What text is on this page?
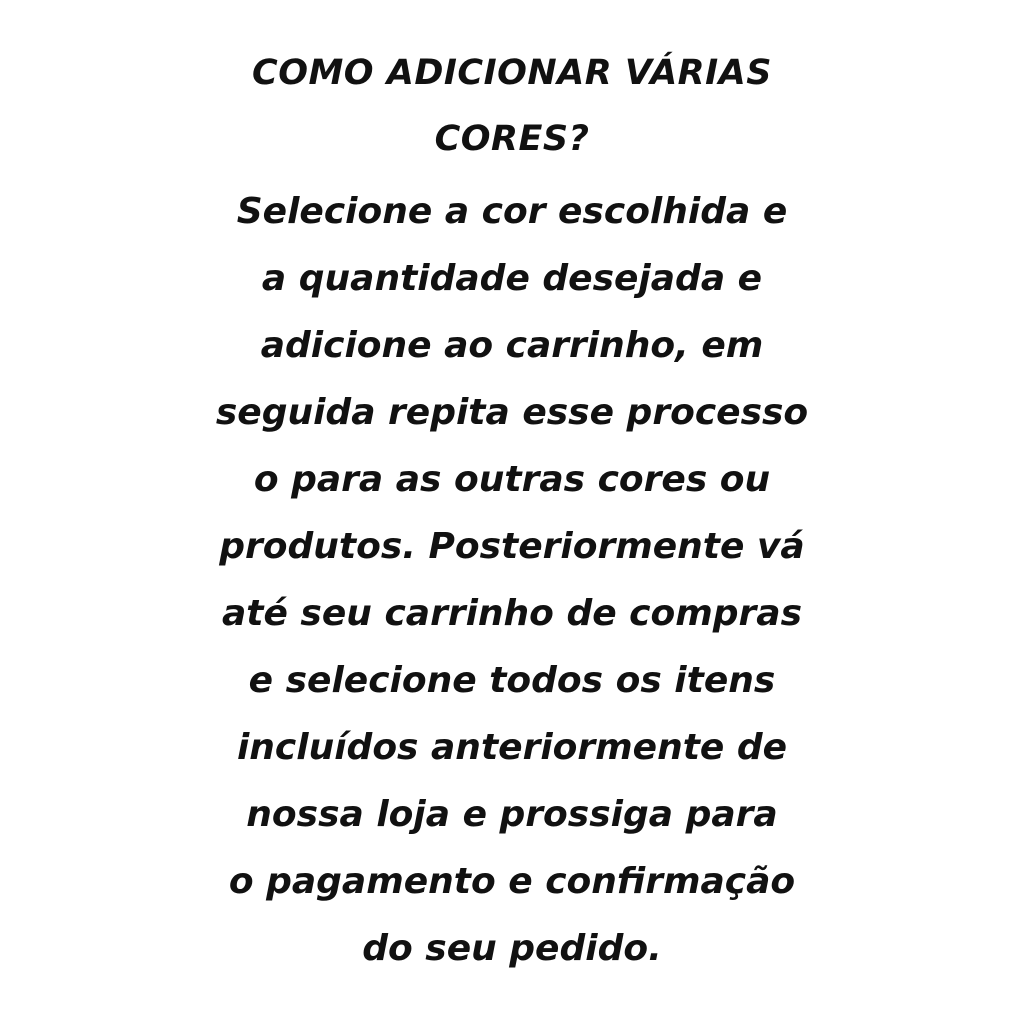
COMO ADICIONAR VÁRIAS CORES?
Selecione a cor escolhida e
a quantidade desejada e
adicione ao carrinho, em
seguida repita esse processo
o para as outras cores ou
produtos. Posteriormente vá
até seu carrinho de compras
e selecione todos os itens
incluídos anteriormente de
nossa loja e prossiga para
o pagamento e confirmação
do seu pedido.
